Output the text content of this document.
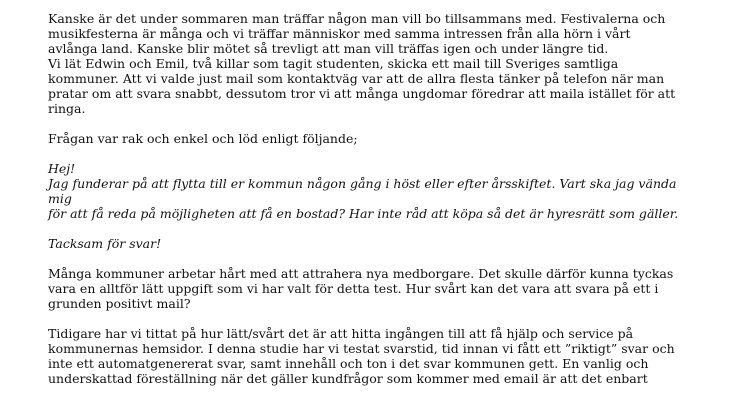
Kanske är det under sommaren man träffar någon man vill bo tillsammans med. Festivalerna och
musikfesterna är många och vi träffar människor med samma intressen från alla hörn i vårt
avlånga land. Kanske blir mötet så trevligt att man vill träffas igen och under längre tid.
Vi lät Edwin och Emil, två killar som tagit studenten, skicka ett mail till Sveriges samtliga
kommuner. Att vi valde just mail som kontaktväg var att de allra flesta tänker på telefon när man
pratar om att svara snabbt, dessutom tror vi att många ungdomar föredrar att maila istället för att
ringa.

Frågan var rak och enkel och löd enligt följande;

Hej!
Jag funderar på att flytta till er kommun någon gång i höst eller efter årsskiftet. Vart ska jag vända mig
för att få reda på möjligheten att få en bostad? Har inte råd att köpa så det är hyresrätt som gäller.

Tacksam för svar!

Många kommuner arbetar hårt med att attrahera nya medborgare. Det skulle därför kunna tyckas
vara en alltför lätt uppgift som vi har valt för detta test. Hur svårt kan det vara att svara på ett i
grunden positivt mail?

Tidigare har vi tittat på hur lätt/svårt det är att hitta ingången till att få hjälp och service på
kommunernas hemsidor. I denna studie har vi testat svarstid, tid innan vi fått ett ”riktigt” svar och
inte ett automatgenererat svar, samt innehåll och ton i det svar kommunen gett. En vanlig och
underskattad föreställning när det gäller kundfrågor som kommer med email är att det enbart
